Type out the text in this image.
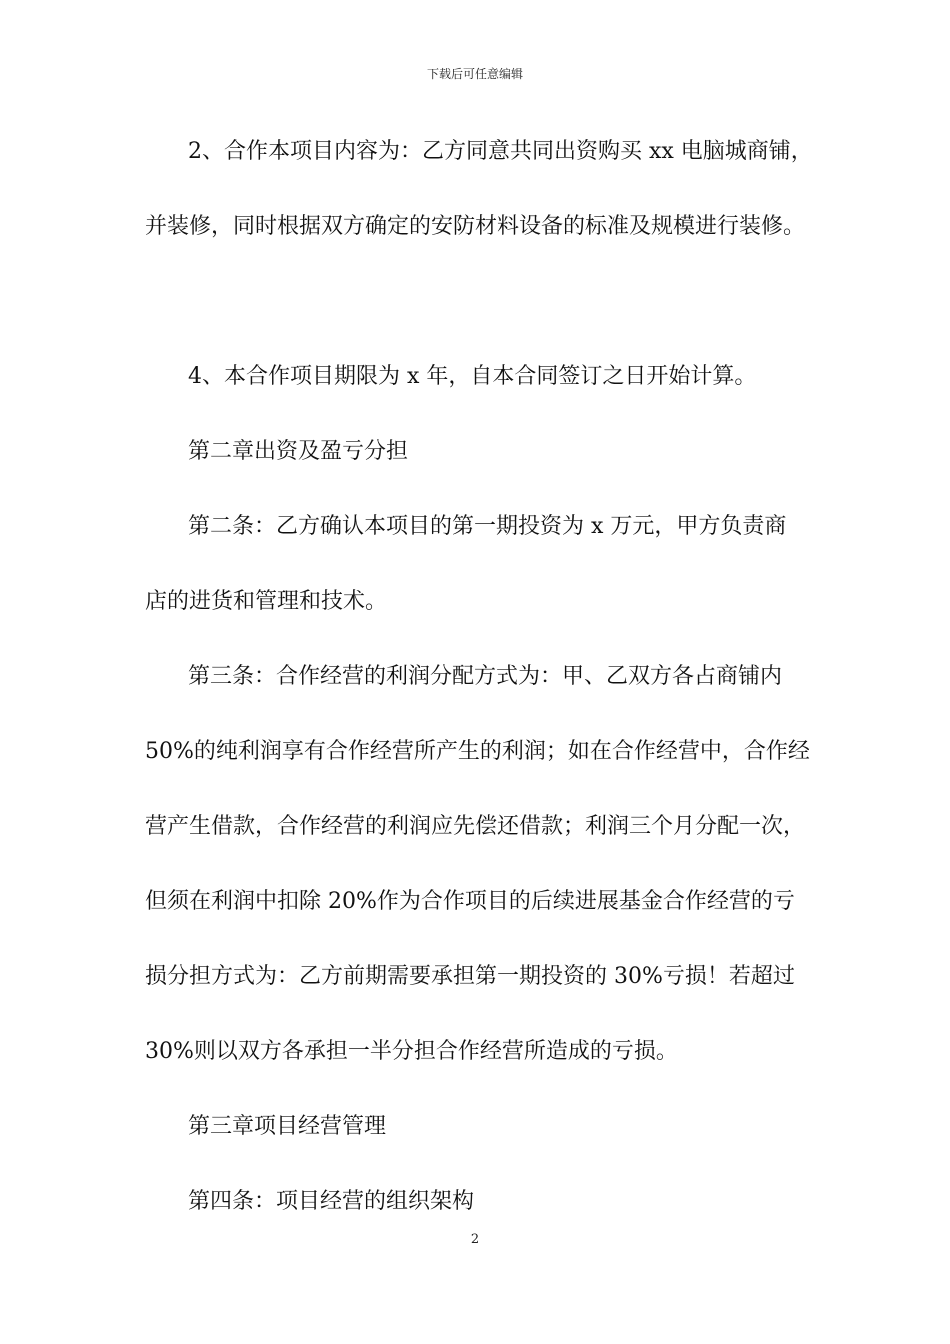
下载后可任意编辑
2、合作本项目内容为：乙方同意共同出资购买 xx 电脑城商铺，
并装修，同时根据双方确定的安防材料设备的标准及规模进行装修。
4、本合作项目期限为 x 年，自本合同签订之日开始计算。
第二章出资及盈亏分担
第二条：乙方确认本项目的第一期投资为 x 万元，甲方负责商
店的进货和管理和技术。
第三条：合作经营的利润分配方式为：甲、乙双方各占商铺内
50%的纯利润享有合作经营所产生的利润；如在合作经营中，合作经
营产生借款，合作经营的利润应先偿还借款；利润三个月分配一次，
但须在利润中扣除 20%作为合作项目的后续进展基金合作经营的亏
损分担方式为：乙方前期需要承担第一期投资的 30%亏损！若超过
30%则以双方各承担一半分担合作经营所造成的亏损。
第三章项目经营管理
第四条：项目经营的组织架构
2
